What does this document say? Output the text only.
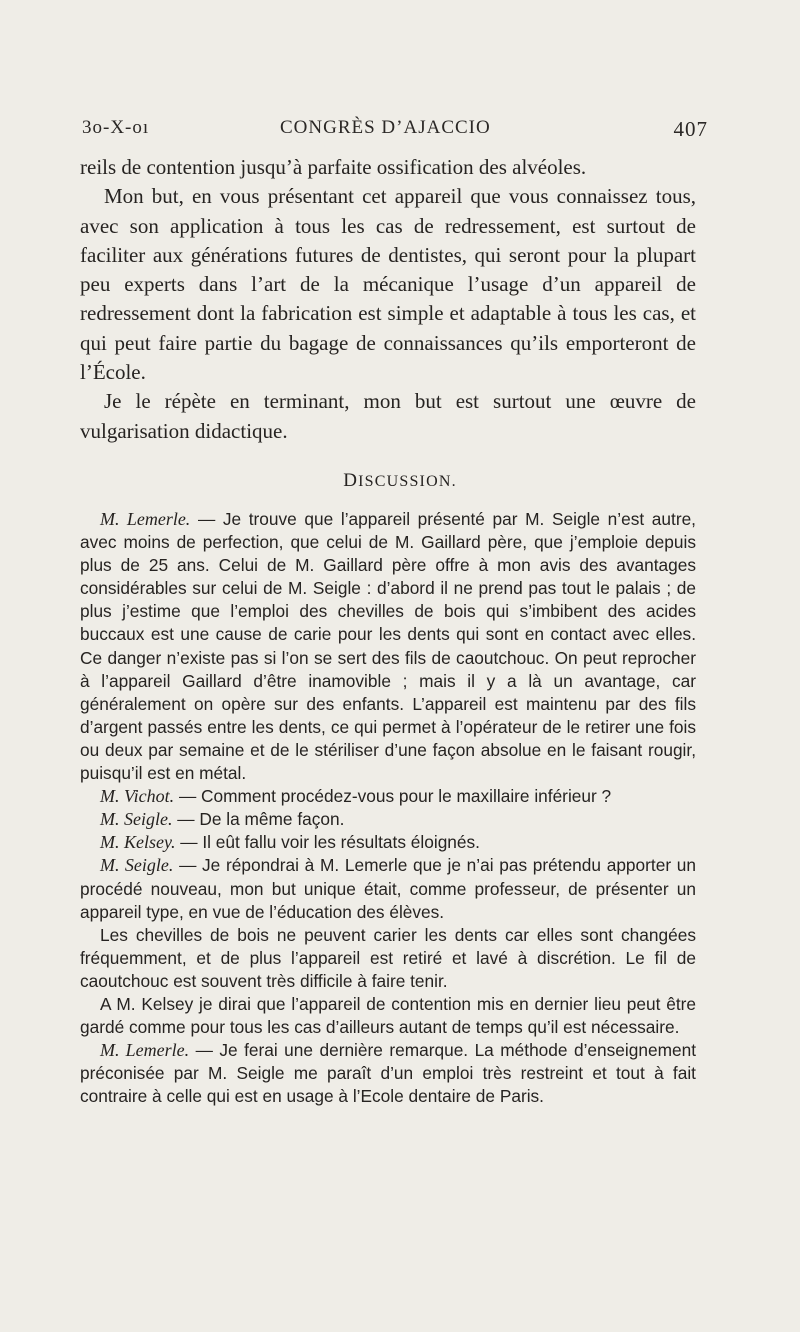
3o-X-oı	CONGRÈS D’AJACCIO	407

reils de contention jusqu’à parfaite ossification des alvéoles.

Mon but, en vous présentant cet appareil que vous connaissez tous, avec son application à tous les cas de redressement, est surtout de faciliter aux générations futures de dentistes, qui seront pour la plupart peu experts dans l’art de la mécanique l’usage d’un appareil de redressement dont la fabrication est simple et adaptable à tous les cas, et qui peut faire partie du bagage de connaissances qu’ils emporteront de l’École.

Je le répète en terminant, mon but est surtout une œuvre de vulgarisation didactique.

DISCUSSION.

M. Lemerle. — Je trouve que l’appareil présenté par M. Seigle n’est autre, avec moins de perfection, que celui de M. Gaillard père, que j’emploie depuis plus de 25 ans. Celui de M. Gaillard père offre à mon avis des avantages considérables sur celui de M. Seigle : d’abord il ne prend pas tout le palais ; de plus j’estime que l’emploi des chevilles de bois qui s’imbibent des acides buccaux est une cause de carie pour les dents qui sont en contact avec elles. Ce danger n’existe pas si l’on se sert des fils de caoutchouc. On peut reprocher à l’appareil Gaillard d’être inamovible ; mais il y a là un avantage, car généralement on opère sur des enfants. L’appareil est maintenu par des fils d’argent passés entre les dents, ce qui permet à l’opérateur de le retirer une fois ou deux par semaine et de le stériliser d’une façon absolue en le faisant rougir, puisqu’il est en métal.

M. Vichot. — Comment procédez-vous pour le maxillaire inférieur ?

M. Seigle. — De la même façon.

M. Kelsey. — Il eût fallu voir les résultats éloignés.

M. Seigle. — Je répondrai à M. Lemerle que je n’ai pas prétendu apporter un procédé nouveau, mon but unique était, comme professeur, de présenter un appareil type, en vue de l’éducation des élèves.

Les chevilles de bois ne peuvent carier les dents car elles sont changées fréquemment, et de plus l’appareil est retiré et lavé à discrétion. Le fil de caoutchouc est souvent très difficile à faire tenir.

A M. Kelsey je dirai que l’appareil de contention mis en dernier lieu peut être gardé comme pour tous les cas d’ailleurs autant de temps qu’il est nécessaire.

M. Lemerle. — Je ferai une dernière remarque. La méthode d’enseignement préconisée par M. Seigle me paraît d’un emploi très restreint et tout à fait contraire à celle qui est en usage à l’Ecole dentaire de Paris.
